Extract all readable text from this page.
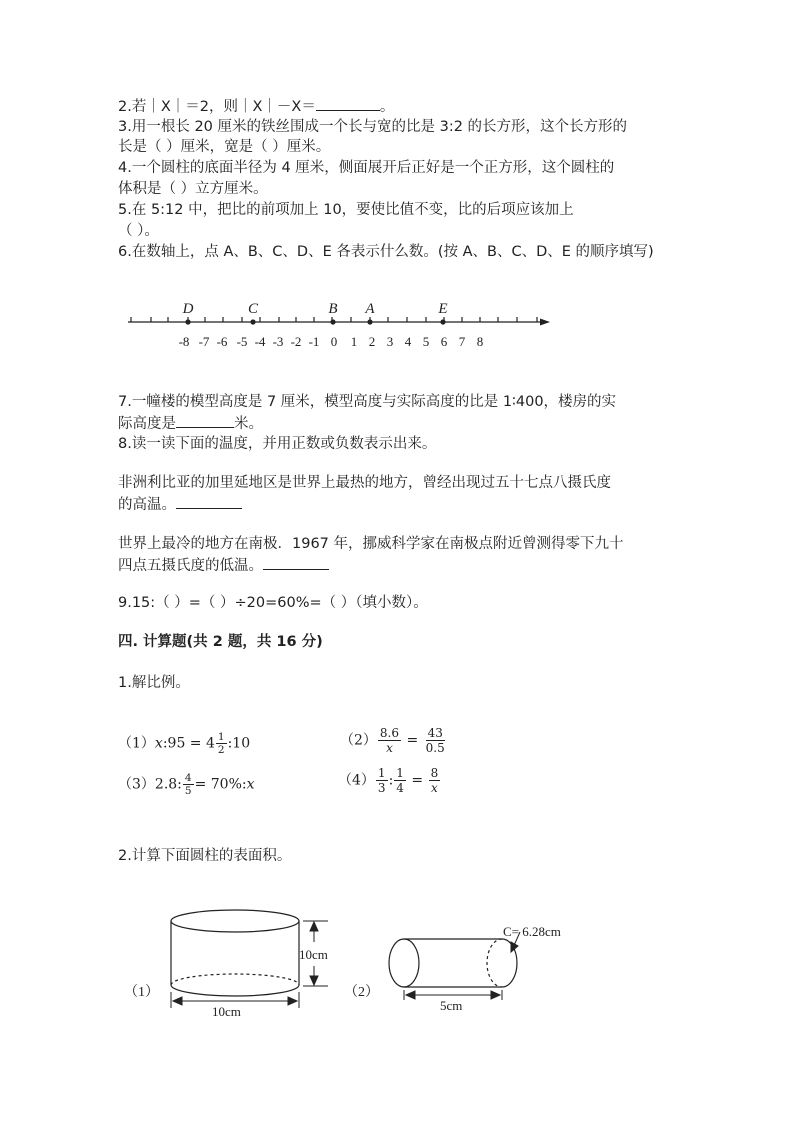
2.若｜X｜＝2，则｜X｜－X＝	。
3.用一根长 20 厘米的铁丝围成一个长与宽的比是 3:2 的长方形，这个长方形的
长是（ ）厘米，宽是（ ）厘米。
4.一个圆柱的底面半径为 4 厘米，侧面展开后正好是一个正方形，这个圆柱的
体积是（ ）立方厘米。
5.在 5:12 中，把比的前项加上 10，要使比值不变，比的后项应该加上
（ ）。
6.在数轴上，点 A、B、C、D、E 各表示什么数。(按 A、B、C、D、E 的顺序填写)
-8 -7 -6 -5 -4 -3 -2 -1 0 1 2 3 4 5 6 7 8
D	C	B A	E
7.一幢楼的模型高度是 7 厘米，模型高度与实际高度的比是 1∶400，楼房的实
际高度是	米。
8.读一读下面的温度，并用正数或负数表示出来。
非洲利比亚的加里延地区是世界上最热的地方，曾经出现过五十七点八摄氏度
的高温。
世界上最冷的地方在南极．1967 年，挪威科学家在南极点附近曾测得零下九十
四点五摄氏度的低温。
9.15:（ ）=（ ）÷20=60%=（ ）（填小数）。
四. 计算题(共 2 题，共 16 分)
1.解比例。
（1）x:95 = $4 \frac{1}{2}$ :10	$(2) \frac{8.6}{x} = \frac{43}{0.5}$
（3）2.8: $\frac{4}{5}$ = 70%:x	$(4) \frac{1}{3}$ : $\frac{1}{4} = \frac{8}{x}$
2.计算下面圆柱的表面积。
（1）
10cm
10cm
（2）
C= 6.28cm
5cm
